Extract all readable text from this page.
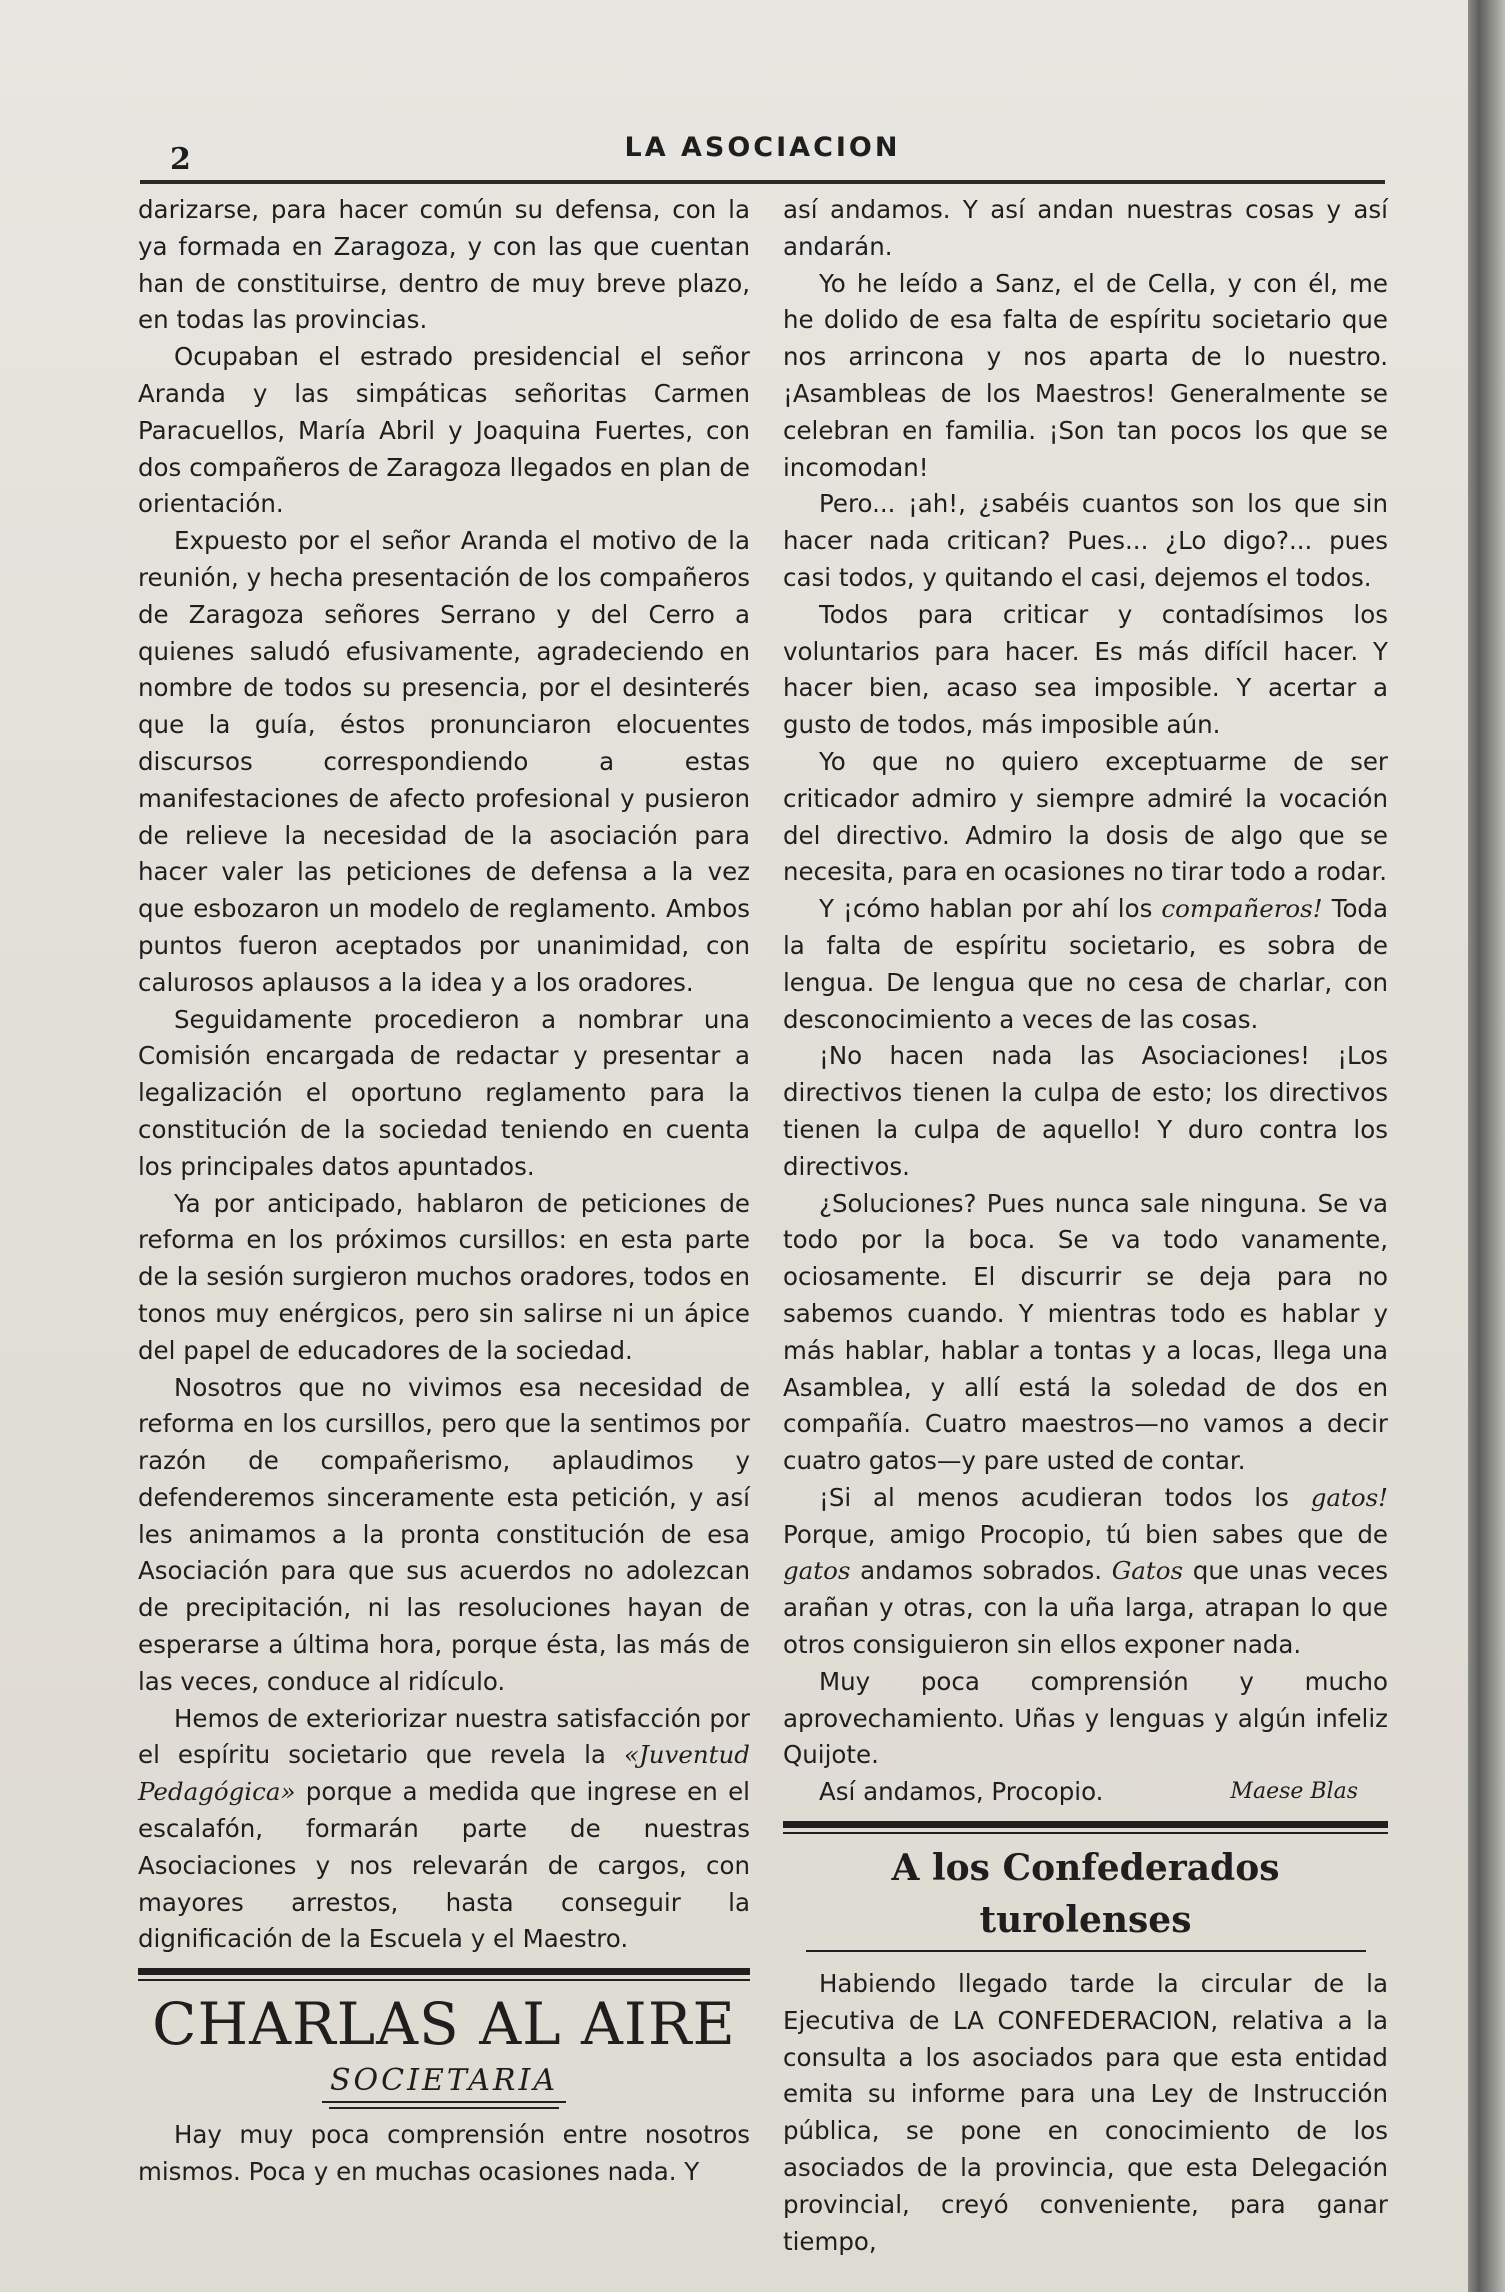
2	LA ASOCIACION

darizarse, para hacer común su defensa, con la ya formada en Zaragoza, y con las que cuentan han de constituirse, dentro de muy breve plazo, en todas las provincias.

Ocupaban el estrado presidencial el señor Aranda y las simpáticas señoritas Carmen Paracuellos, María Abril y Joaquina Fuertes, con dos compañeros de Zaragoza llegados en plan de orientación.

Expuesto por el señor Aranda el motivo de la reunión, y hecha presentación de los compañeros de Zaragoza señores Serrano y del Cerro a quienes saludó efusivamente, agradeciendo en nombre de todos su presencia, por el desinterés que la guía, éstos pronunciaron elocuentes discursos correspondiendo a estas manifestaciones de afecto profesional y pusieron de relieve la necesidad de la asociación para hacer valer las peticiones de defensa a la vez que esbozaron un modelo de reglamento. Ambos puntos fueron aceptados por unanimidad, con calurosos aplausos a la idea y a los oradores.

Seguidamente procedieron a nombrar una Comisión encargada de redactar y presentar a legalización el oportuno reglamento para la constitución de la sociedad teniendo en cuenta los principales datos apuntados.

Ya por anticipado, hablaron de peticiones de reforma en los próximos cursillos: en esta parte de la sesión surgieron muchos oradores, todos en tonos muy enérgicos, pero sin salirse ni un ápice del papel de educadores de la sociedad.

Nosotros que no vivimos esa necesidad de reforma en los cursillos, pero que la sentimos por razón de compañerismo, aplaudimos y defenderemos sinceramente esta petición, y así les animamos a la pronta constitución de esa Asociación para que sus acuerdos no adolezcan de precipitación, ni las resoluciones hayan de esperarse a última hora, porque ésta, las más de las veces, conduce al ridículo.

Hemos de exteriorizar nuestra satisfacción por el espíritu societario que revela la «Juventud Pedagógica» porque a medida que ingrese en el escalafón, formarán parte de nuestras Asociaciones y nos relevarán de cargos, con mayores arrestos, hasta conseguir la dignificación de la Escuela y el Maestro.

CHARLAS AL AIRE
SOCIETARIA

Hay muy poca comprensión entre nosotros mismos. Poca y en muchas ocasiones nada. Y

así andamos. Y así andan nuestras cosas y así andarán.

Yo he leído a Sanz, el de Cella, y con él, me he dolido de esa falta de espíritu societario que nos arrincona y nos aparta de lo nuestro. ¡Asambleas de los Maestros! Generalmente se celebran en familia. ¡Son tan pocos los que se incomodan!

Pero... ¡ah!, ¿sabéis cuantos son los que sin hacer nada critican? Pues... ¿Lo digo?... pues casi todos, y quitando el casi, dejemos el todos.

Todos para criticar y contadísimos los voluntarios para hacer. Es más difícil hacer. Y hacer bien, acaso sea imposible. Y acertar a gusto de todos, más imposible aún.

Yo que no quiero exceptuarme de ser criticador admiro y siempre admiré la vocación del directivo. Admiro la dosis de algo que se necesita, para en ocasiones no tirar todo a rodar.

Y ¡cómo hablan por ahí los compañeros! Toda la falta de espíritu societario, es sobra de lengua. De lengua que no cesa de charlar, con desconocimiento a veces de las cosas.

¡No hacen nada las Asociaciones! ¡Los directivos tienen la culpa de esto; los directivos tienen la culpa de aquello! Y duro contra los directivos.

¿Soluciones? Pues nunca sale ninguna. Se va todo por la boca. Se va todo vanamente, ociosamente. El discurrir se deja para no sabemos cuando. Y mientras todo es hablar y más hablar, hablar a tontas y a locas, llega una Asamblea, y allí está la soledad de dos en compañía. Cuatro maestros—no vamos a decir cuatro gatos—y pare usted de contar.

¡Si al menos acudieran todos los gatos! Porque, amigo Procopio, tú bien sabes que de gatos andamos sobrados. Gatos que unas veces arañan y otras, con la uña larga, atrapan lo que otros consiguieron sin ellos exponer nada.

Muy poca comprensión y mucho aprovechamiento. Uñas y lenguas y algún infeliz Quijote.

Así andamos, Procopio.	Maese Blas
A los Confederados turolenses

Habiendo llegado tarde la circular de la Ejecutiva de LA CONFEDERACION, relativa a la consulta a los asociados para que esta entidad emita su informe para una Ley de Instrucción pública, se pone en conocimiento de los asociados de la provincia, que esta Delegación provincial, creyó conveniente, para ganar tiempo,
